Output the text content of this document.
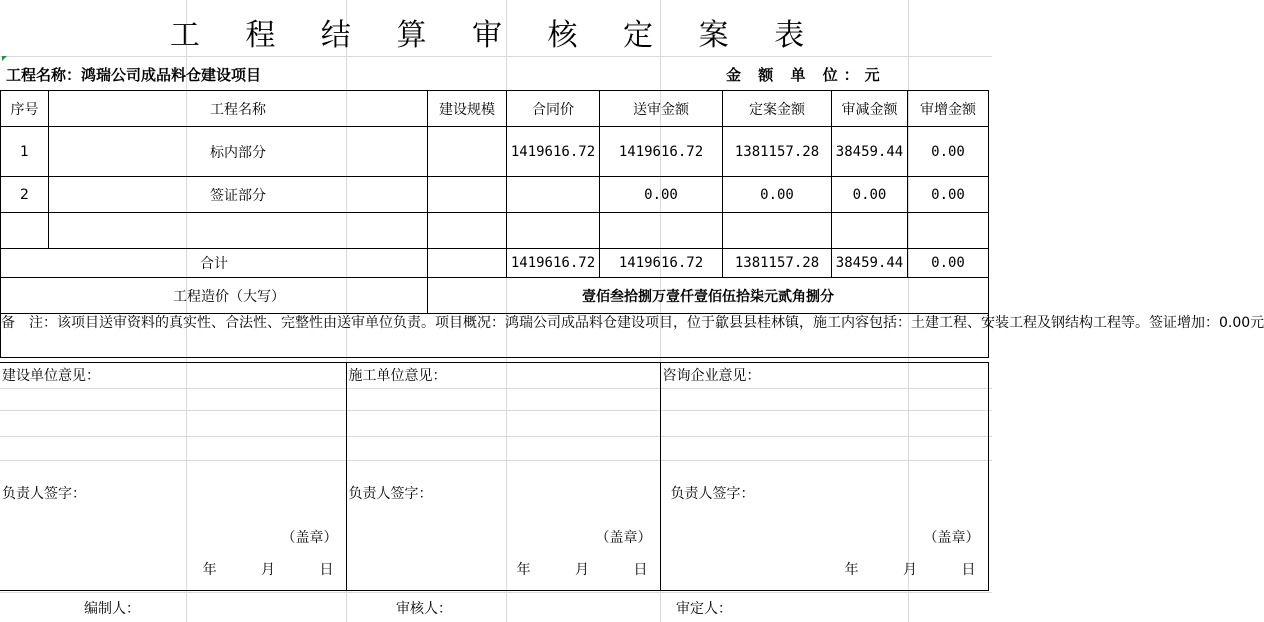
工 程 结 算 审 核 定 案 表
工程名称：鸿瑞公司成品料仓建设项目	金 额 单 位：元
序号	工程名称	建设规模	合同价	送审金额	定案金额	审减金额	审增金额
1	标内部分		1419616.72	1419616.72	1381157.28	38459.44	0.00
2	签证部分			0.00	0.00	0.00	0.00

合计			1419616.72	1419616.72	1381157.28	38459.44	0.00
工程造价（大写）		壹佰叁拾捌万壹仟壹佰伍拾柒元贰角捌分					
备　注：该项目送审资料的真实性、合法性、完整性由送审单位负责。项目概况：鸿瑞公司成品料仓建设项目，位于歙县县桂林镇，施工内容包括：土建工程、安装工程及钢结构工程等。签证增加：0.00元							
建设单位意见：
负责人签字：
（盖章）
年 月 日

施工单位意见：
负责人签字：
（盖章）
年 月 日

咨询企业意见：
负责人签字：
（盖章）
年 月 日
编制人：	审核人：	审定人：
